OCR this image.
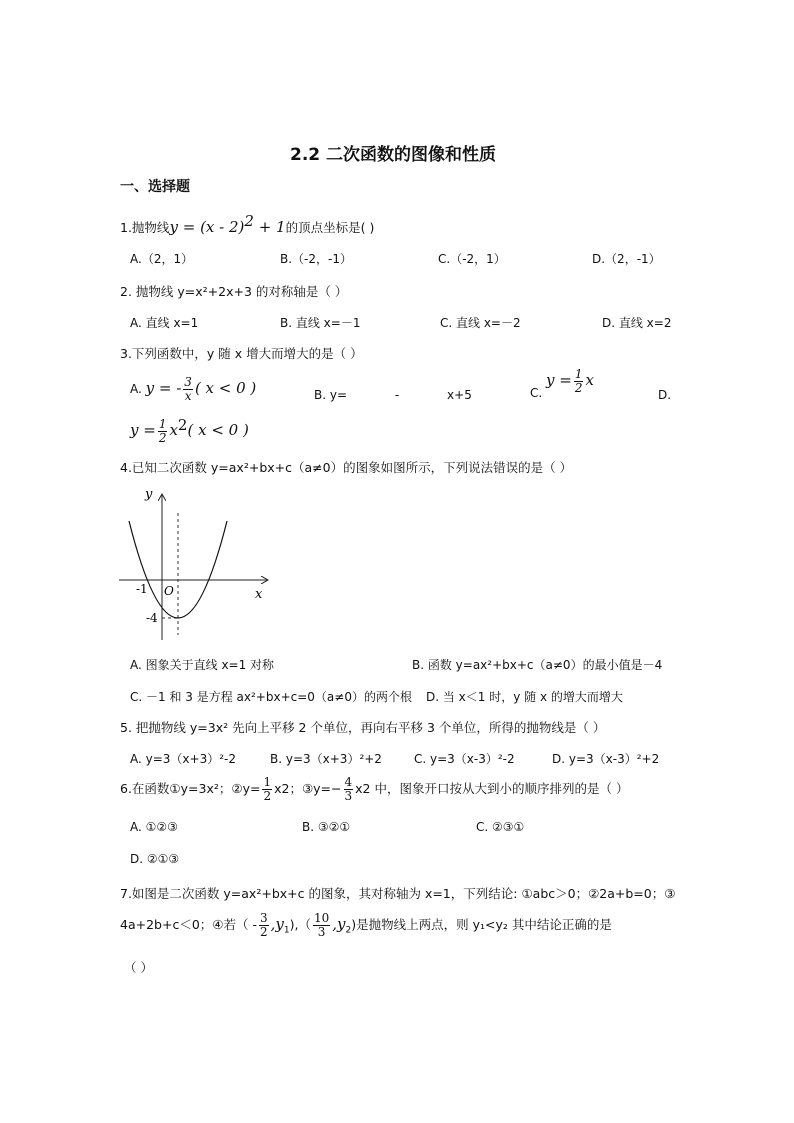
2.2 二次函数的图像和性质
一、选择题
1.抛物线y = (x - 2)$^2$ + 1的顶点坐标是( )
A.（2，1）	B.（-2，-1）	C.（-2，1）	D.（2，-1）
2. 抛物线 y=x²+2x+3 的对称轴是（ ）
A. 直线 x=1	B. 直线 x=－1	C. 直线 x=－2	D. 直线 x=2
3.下列函数中，y 随 x 增大而增大的是（ ）
A. y = - $\frac{3}{x}$ ( x < 0 )	B. y=	-	x+5	C. $y = \frac{1}{2}$ x
D.
$y = \frac{1}{2} x^2$( x < 0 )
4.已知二次函数 y=ax²+bx+c（a≠0）的图象如图所示，下列说法错误的是（ ）
y
x
O
-1
-4
A. 图象关于直线 x=1 对称	B. 函数 y=ax²+bx+c（a≠0）的最小值是－4
C. －1 和 3 是方程 ax²+bx+c=0（a≠0）的两个根 D. 当 x＜1 时，y 随 x 的增大而增大
5. 把抛物线 y=3x² 先向上平移 2 个单位，再向右平移 3 个单位，所得的抛物线是（ ）
A. y=3（x+3）²-2	B. y=3（x+3）²+2	C. y=3（x-3）²-2	D. y=3（x-3）²+2
6.在函数①y=3x²；②y= $\frac{1}{2} x2$；③y=− $\frac{4}{3} x2$ 中，图象开口按从大到小的顺序排列的是（ ）
A. ①②③	B. ③②①	C. ②③①
D. ②①③
7.如图是二次函数 y=ax²+bx+c 的图象，其对称轴为 x=1，下列结论: ①abc＞0；②2a+b=0；③
4a+2b+c＜0；④若（ - $\frac{3}{2} ,y_1),( \frac{10}{3} ,y_2)$是抛物线上两点，则 y₁<y₂ 其中结论正确的是
（ ）
